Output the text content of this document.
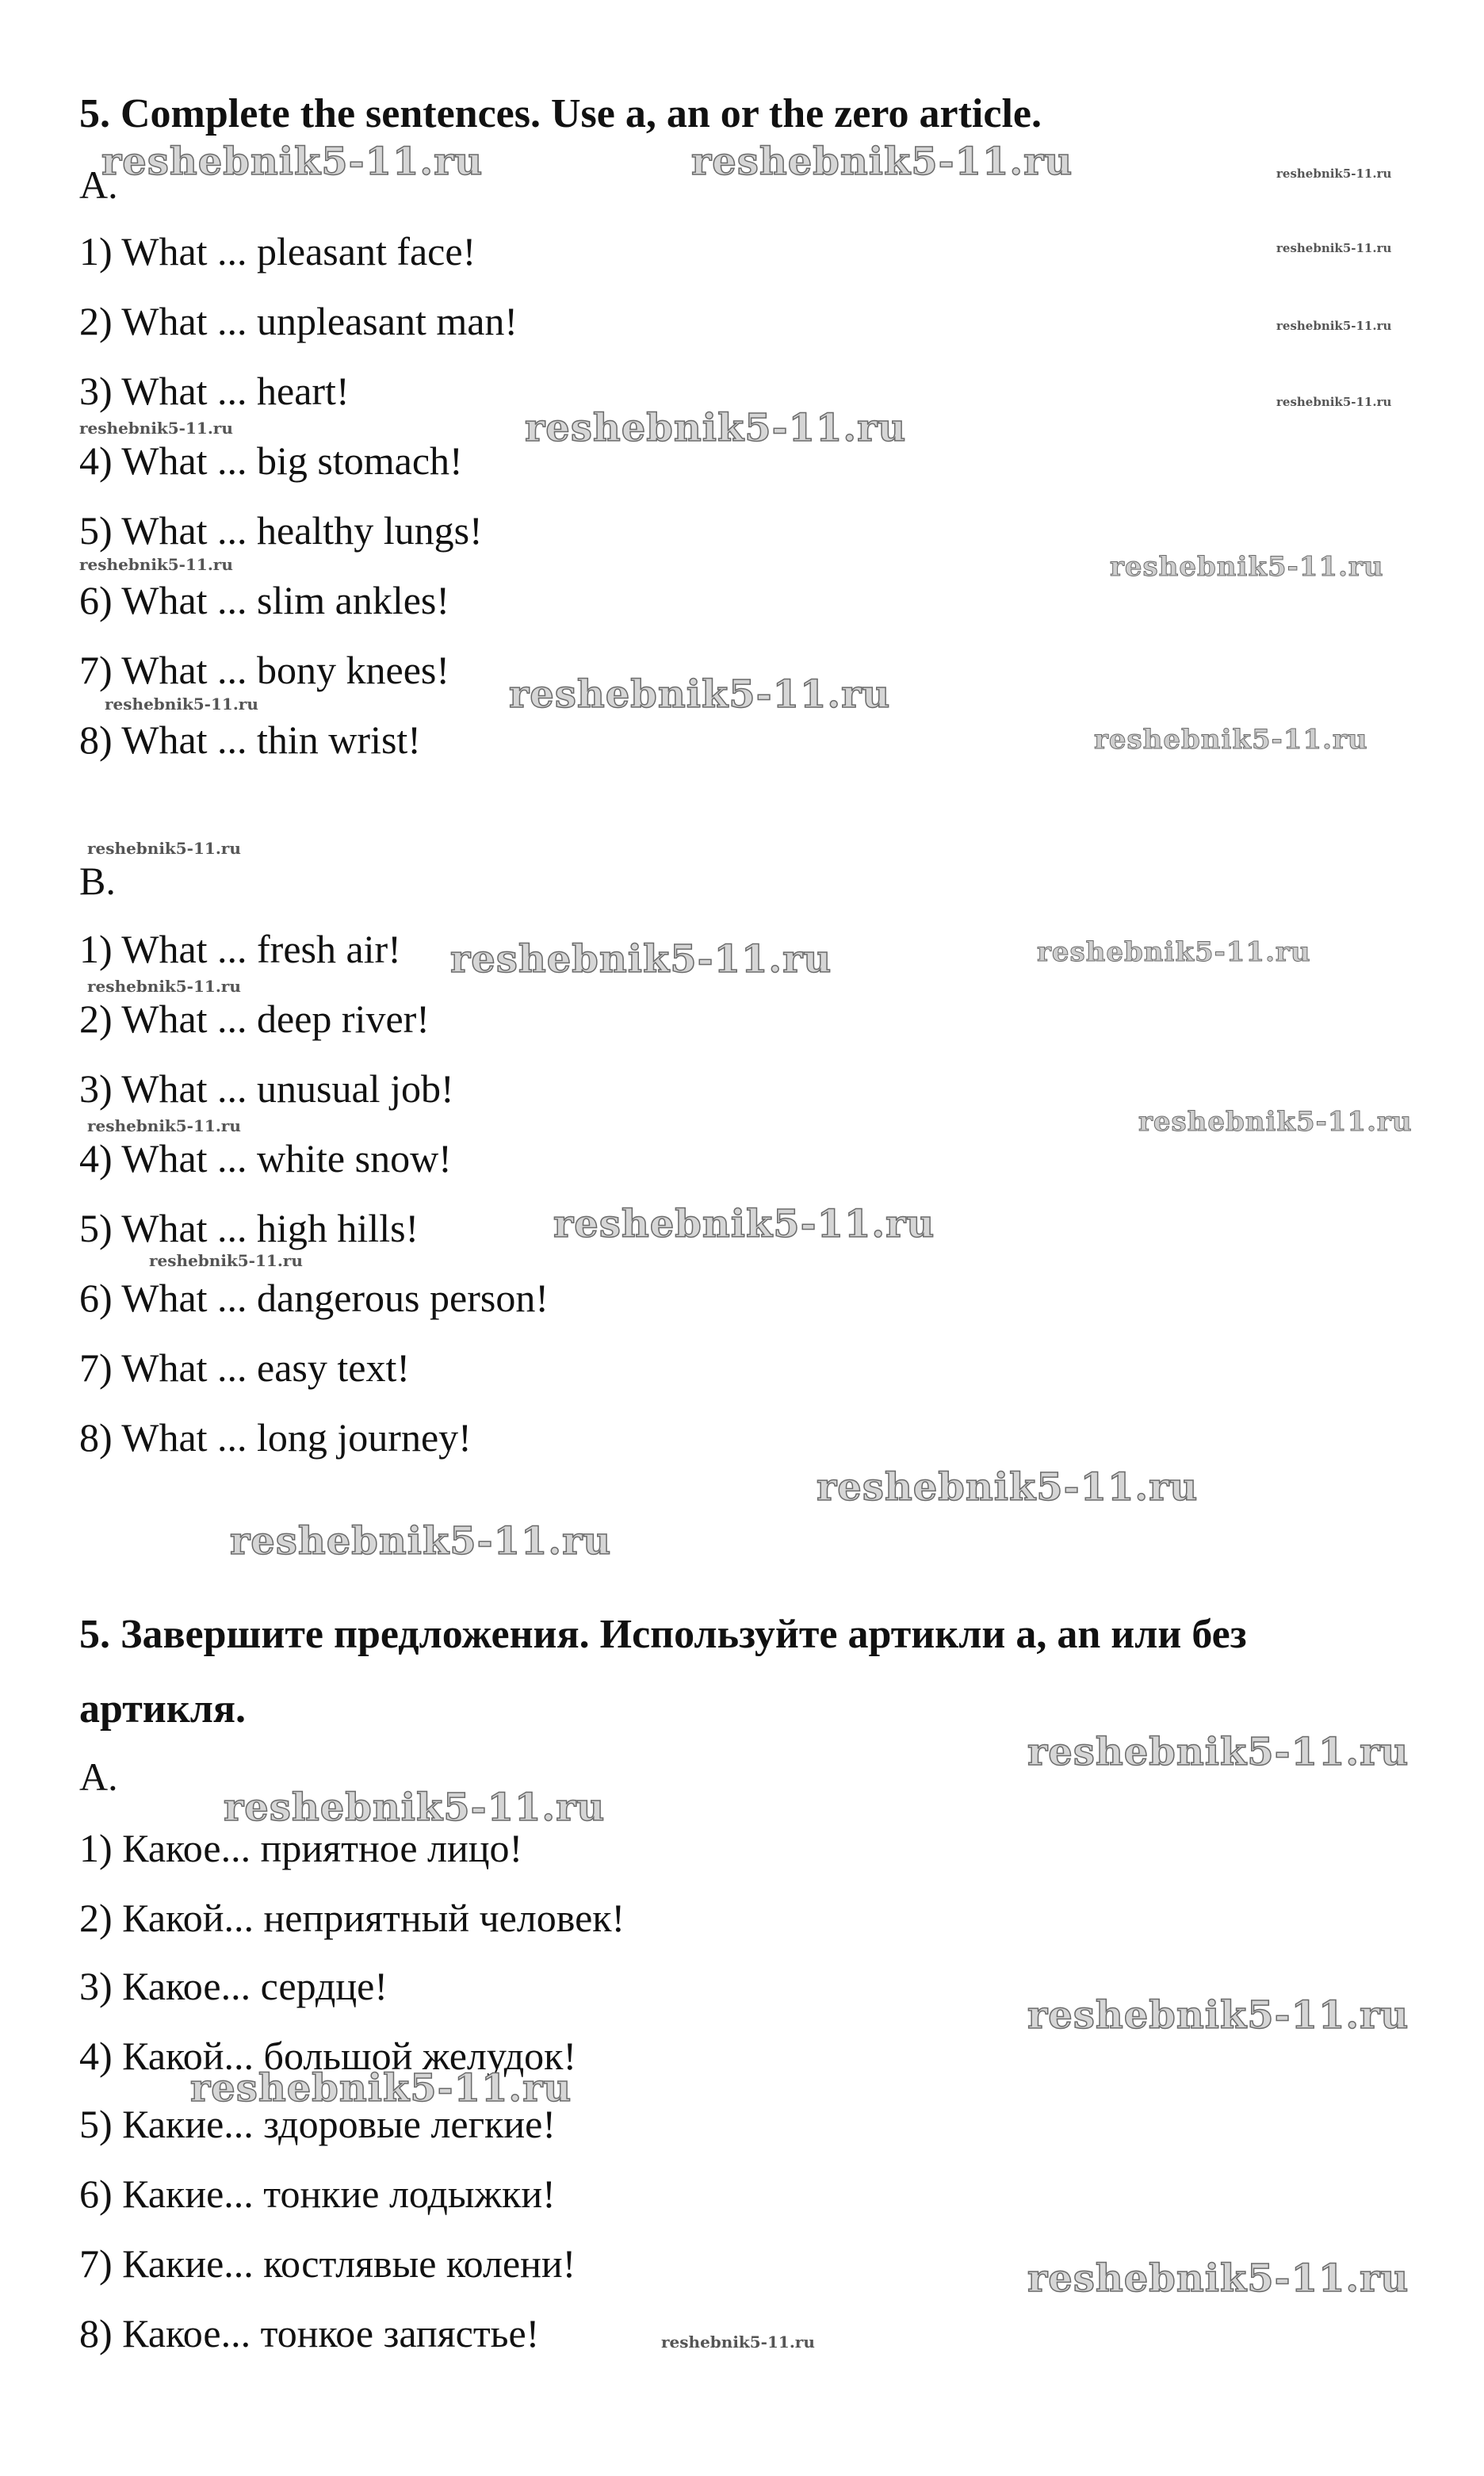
5. Complete the sentences. Use a, an or the zero article.
A.
1) What ... pleasant face!
2) What ... unpleasant man!
3) What ... heart!
4) What ... big stomach!
5) What ... healthy lungs!
6) What ... slim ankles!
7) What ... bony knees!
8) What ... thin wrist!
B.
1) What ... fresh air!
2) What ... deep river!
3) What ... unusual job!
4) What ... white snow!
5) What ... high hills!
6) What ... dangerous person!
7) What ... easy text!
8) What ... long journey!
5. Завершите предложения. Используйте артикли a, an или без
артикля.
A.
1) Какое... приятное лицо!
2) Какой... неприятный человек!
3) Какое... сердце!
4) Какой... большой желудок!
5) Какие... здоровые легкие!
6) Какие... тонкие лодыжки!
7) Какие... костлявые колени!
8) Какое... тонкое запястье!
reshebnik5-11.ru	reshebnik5-11.ru	reshebnik5-11.ru
reshebnik5-11.ru
reshebnik5-11.ru
reshebnik5-11.ru
reshebnik5-11.ru	reshebnik5-11.ru
reshebnik5-11.ru	reshebnik5-11.ru
reshebnik5-11.ru	reshebnik5-11.ru
reshebnik5-11.ru
reshebnik5-11.ru
reshebnik5-11.ru	reshebnik5-11.ru
reshebnik5-11.ru
reshebnik5-11.ru
reshebnik5-11.ru
reshebnik5-11.ru
reshebnik5-11.ru
reshebnik5-11.ru
reshebnik5-11.ru
reshebnik5-11.ru
reshebnik5-11.ru
reshebnik5-11.ru
reshebnik5-11.ru
reshebnik5-11.ru
reshebnik5-11.ru
